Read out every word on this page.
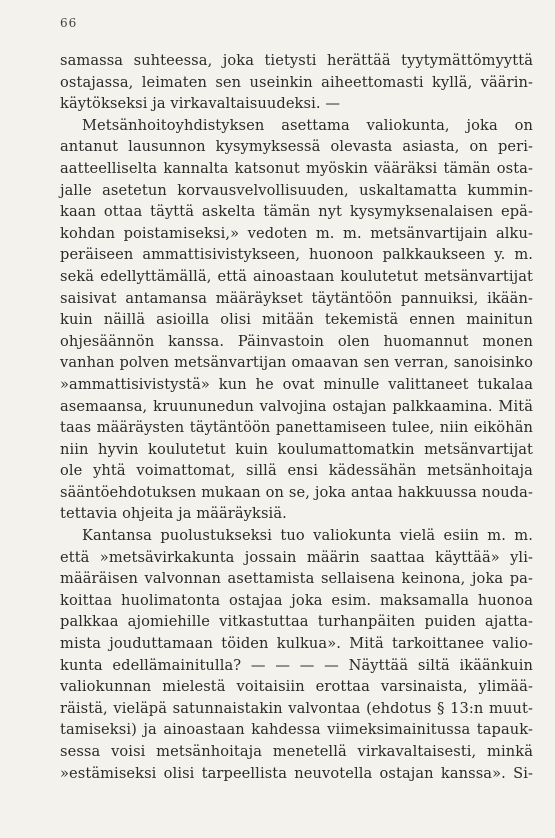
66
samassa suhteessa, joka tietysti herättää tyytymättömyyttä
ostajassa, leimaten sen useinkin aiheettomasti kyllä, väärin-
käytökseksi ja virkavaltaisuudeksi. —
Metsänhoitoyhdistyksen asettama valiokunta, joka on
antanut lausunnon kysymyksessä olevasta asiasta, on peri-
aatteelliselta kannalta katsonut myöskin vääräksi tämän osta-
jalle asetetun korvausvelvollisuuden, uskaltamatta kummin-
kaan ottaa täyttä askelta tämän nyt kysymyksenalaisen epä-
kohdan poistamiseksi,» vedoten m. m. metsänvartijain alku-
peräiseen ammattisivistykseen, huonoon palkkaukseen y. m.
sekä edellyttämällä, että ainoastaan koulutetut metsänvartijat
saisivat antamansa määräykset täytäntöön pannuiksi, ikään-
kuin näillä asioilla olisi mitään tekemistä ennen mainitun
ohjesäännön kanssa. Päinvastoin olen huomannut monen
vanhan polven metsänvartijan omaavan sen verran, sanoisinko
»ammattisivistystä» kun he ovat minulle valittaneet tukalaa
asemaansa, kruununedun valvojina ostajan palkkaamina. Mitä
taas määräysten täytäntöön panettamiseen tulee, niin eiköhän
niin hyvin koulutetut kuin koulumattomatkin metsänvartijat
ole yhtä voimattomat, sillä ensi kädessähän metsänhoitaja
sääntöehdotuksen mukaan on se, joka antaa hakkuussa nouda-
tettavia ohjeita ja määräyksiä.
Kantansa puolustukseksi tuo valiokunta vielä esiin m. m.
että »metsävirkakunta jossain määrin saattaa käyttää» yli-
määräisen valvonnan asettamista sellaisena keinona, joka pa-
koittaa huolimatonta ostajaa joka esim. maksamalla huonoa
palkkaa ajomiehille vitkastuttaa turhanpäiten puiden ajatta-
mista jouduttamaan töiden kulkua». Mitä tarkoittanee valio-
kunta edellämainitulla? — — — — Näyttää siltä ikäänkuin
valiokunnan mielestä voitaisiin erottaa varsinaista, ylimää-
räistä, vieläpä satunnaistakin valvontaa (ehdotus § 13:n muut-
tamiseksi) ja ainoastaan kahdessa viimeksimainitussa tapauk-
sessa voisi metsänhoitaja menetellä virkavaltaisesti, minkä
»estämiseksi olisi tarpeellista neuvotella ostajan kanssa». Si-
